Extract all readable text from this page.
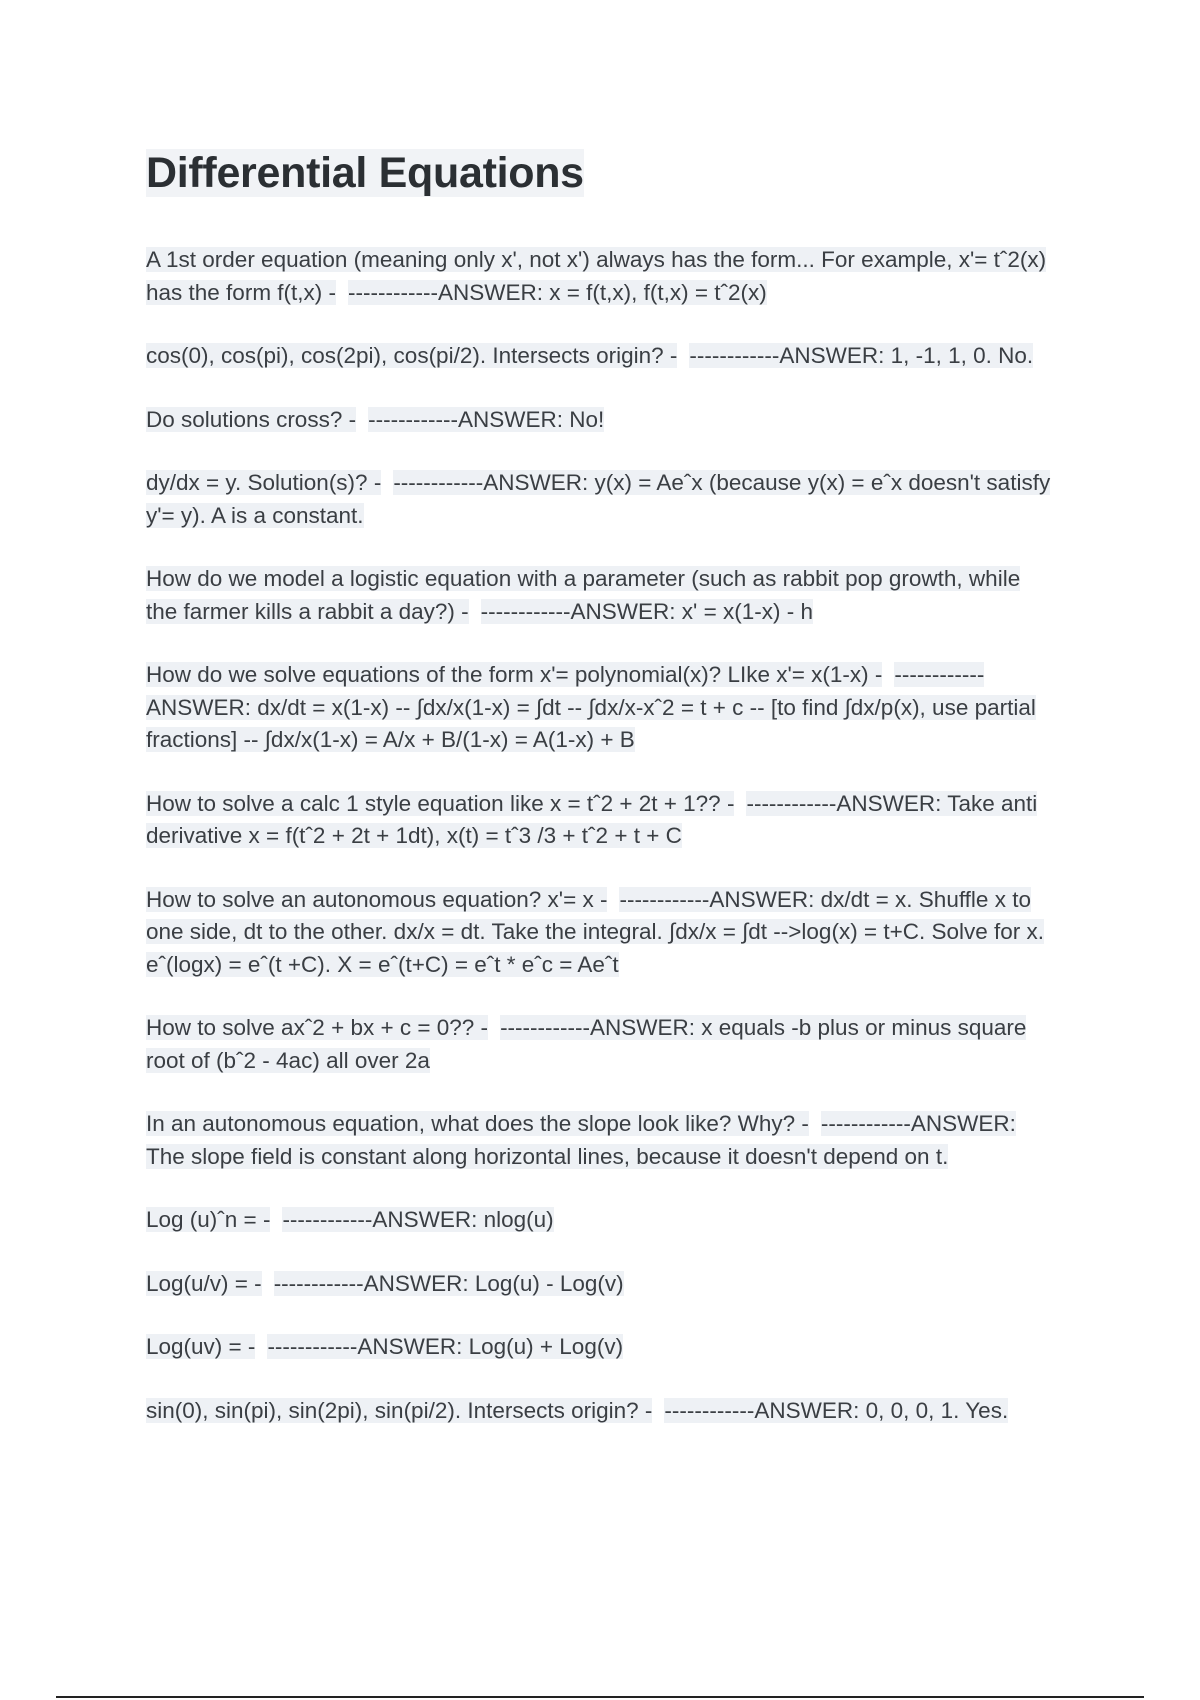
Differential Equations

A 1st order equation (meaning only x', not x') always has the form... For example, x'= tˆ2(x) has the form f(t,x) - ------------ANSWER: x = f(t,x), f(t,x) = tˆ2(x)

cos(0), cos(pi), cos(2pi), cos(pi/2). Intersects origin? - ------------ANSWER: 1, -1, 1, 0. No.

Do solutions cross? - ------------ANSWER: No!

dy/dx = y. Solution(s)? - ------------ANSWER: y(x) = Aeˆx (because y(x) = eˆx doesn't satisfy y'= y). A is a constant.

How do we model a logistic equation with a parameter (such as rabbit pop growth, while the farmer kills a rabbit a day?) - ------------ANSWER: x' = x(1-x) - h

How do we solve equations of the form x'= polynomial(x)? LIke x'= x(1-x) - ------------ANSWER: dx/dt = x(1-x) -- ∫dx/x(1-x) = ∫dt -- ∫dx/x-xˆ2 = t + c -- [to find ∫dx/p(x), use partial fractions] -- ∫dx/x(1-x) = A/x + B/(1-x) = A(1-x) + B

How to solve a calc 1 style equation like x = tˆ2 + 2t + 1?? - ------------ANSWER: Take anti derivative x = f(tˆ2 + 2t + 1dt), x(t) = tˆ3 /3 + tˆ2 + t + C

How to solve an autonomous equation? x'= x - ------------ANSWER: dx/dt = x. Shuffle x to one side, dt to the other. dx/x = dt. Take the integral. ∫dx/x = ∫dt -->log(x) = t+C. Solve for x. eˆ(logx) = eˆ(t +C). X = eˆ(t+C) = eˆt * eˆc = Aeˆt

How to solve axˆ2 + bx + c = 0?? - ------------ANSWER: x equals -b plus or minus square root of (bˆ2 - 4ac) all over 2a

In an autonomous equation, what does the slope look like? Why? - ------------ANSWER: The slope field is constant along horizontal lines, because it doesn't depend on t.

Log (u)ˆn = - ------------ANSWER: nlog(u)

Log(u/v) = - ------------ANSWER: Log(u) - Log(v)

Log(uv) = - ------------ANSWER: Log(u) + Log(v)

sin(0), sin(pi), sin(2pi), sin(pi/2). Intersects origin? - ------------ANSWER: 0, 0, 0, 1. Yes.
